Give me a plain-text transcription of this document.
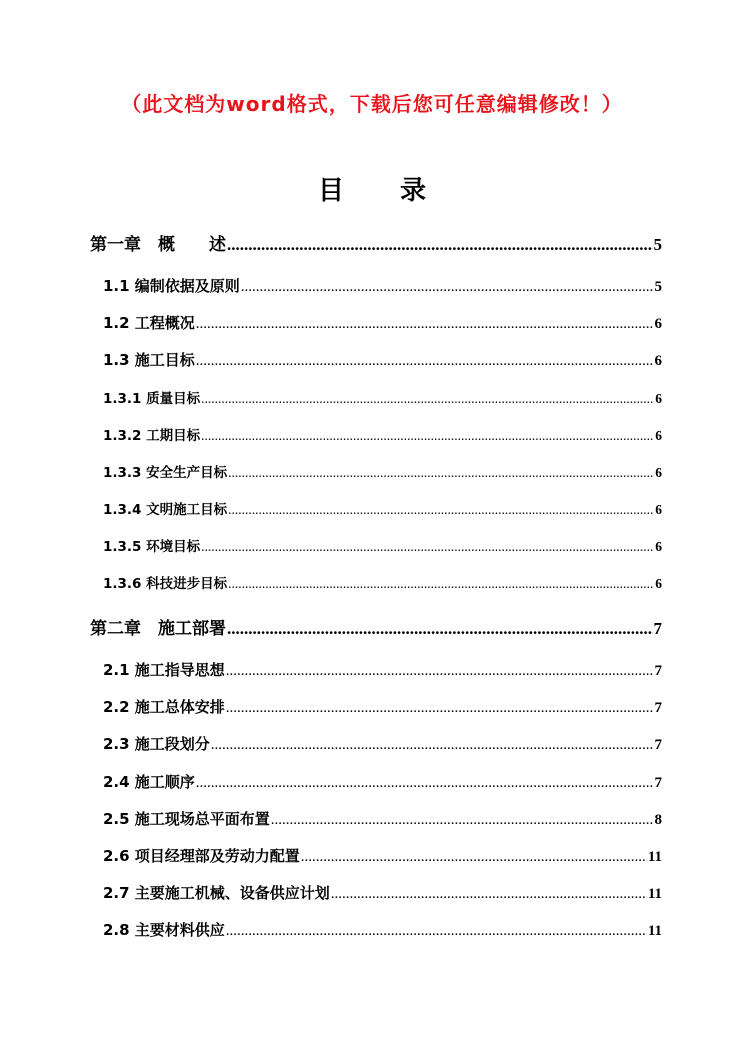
（此文档为word格式，下载后您可任意编辑修改！）
目 录
第一章　概　　述 .....	5
1.1 编制依据及原则 .....	5
1.2 工程概况 .....	6
1.3 施工目标 .....	6
1.3.1 质量目标 .....	6
1.3.2 工期目标 .....	6
1.3.3 安全生产目标 .....	6
1.3.4 文明施工目标 .....	6
1.3.5 环境目标 .....	6
1.3.6 科技进步目标 .....	6
第二章　施工部署 .....	7
2.1 施工指导思想 .....	7
2.2 施工总体安排 .....	7
2.3 施工段划分 .....	7
2.4 施工顺序 .....	7
2.5 施工现场总平面布置 .....	8
2.6 项目经理部及劳动力配置 .....	11
2.7 主要施工机械、设备供应计划 .....	11
2.8 主要材料供应 .....	11
